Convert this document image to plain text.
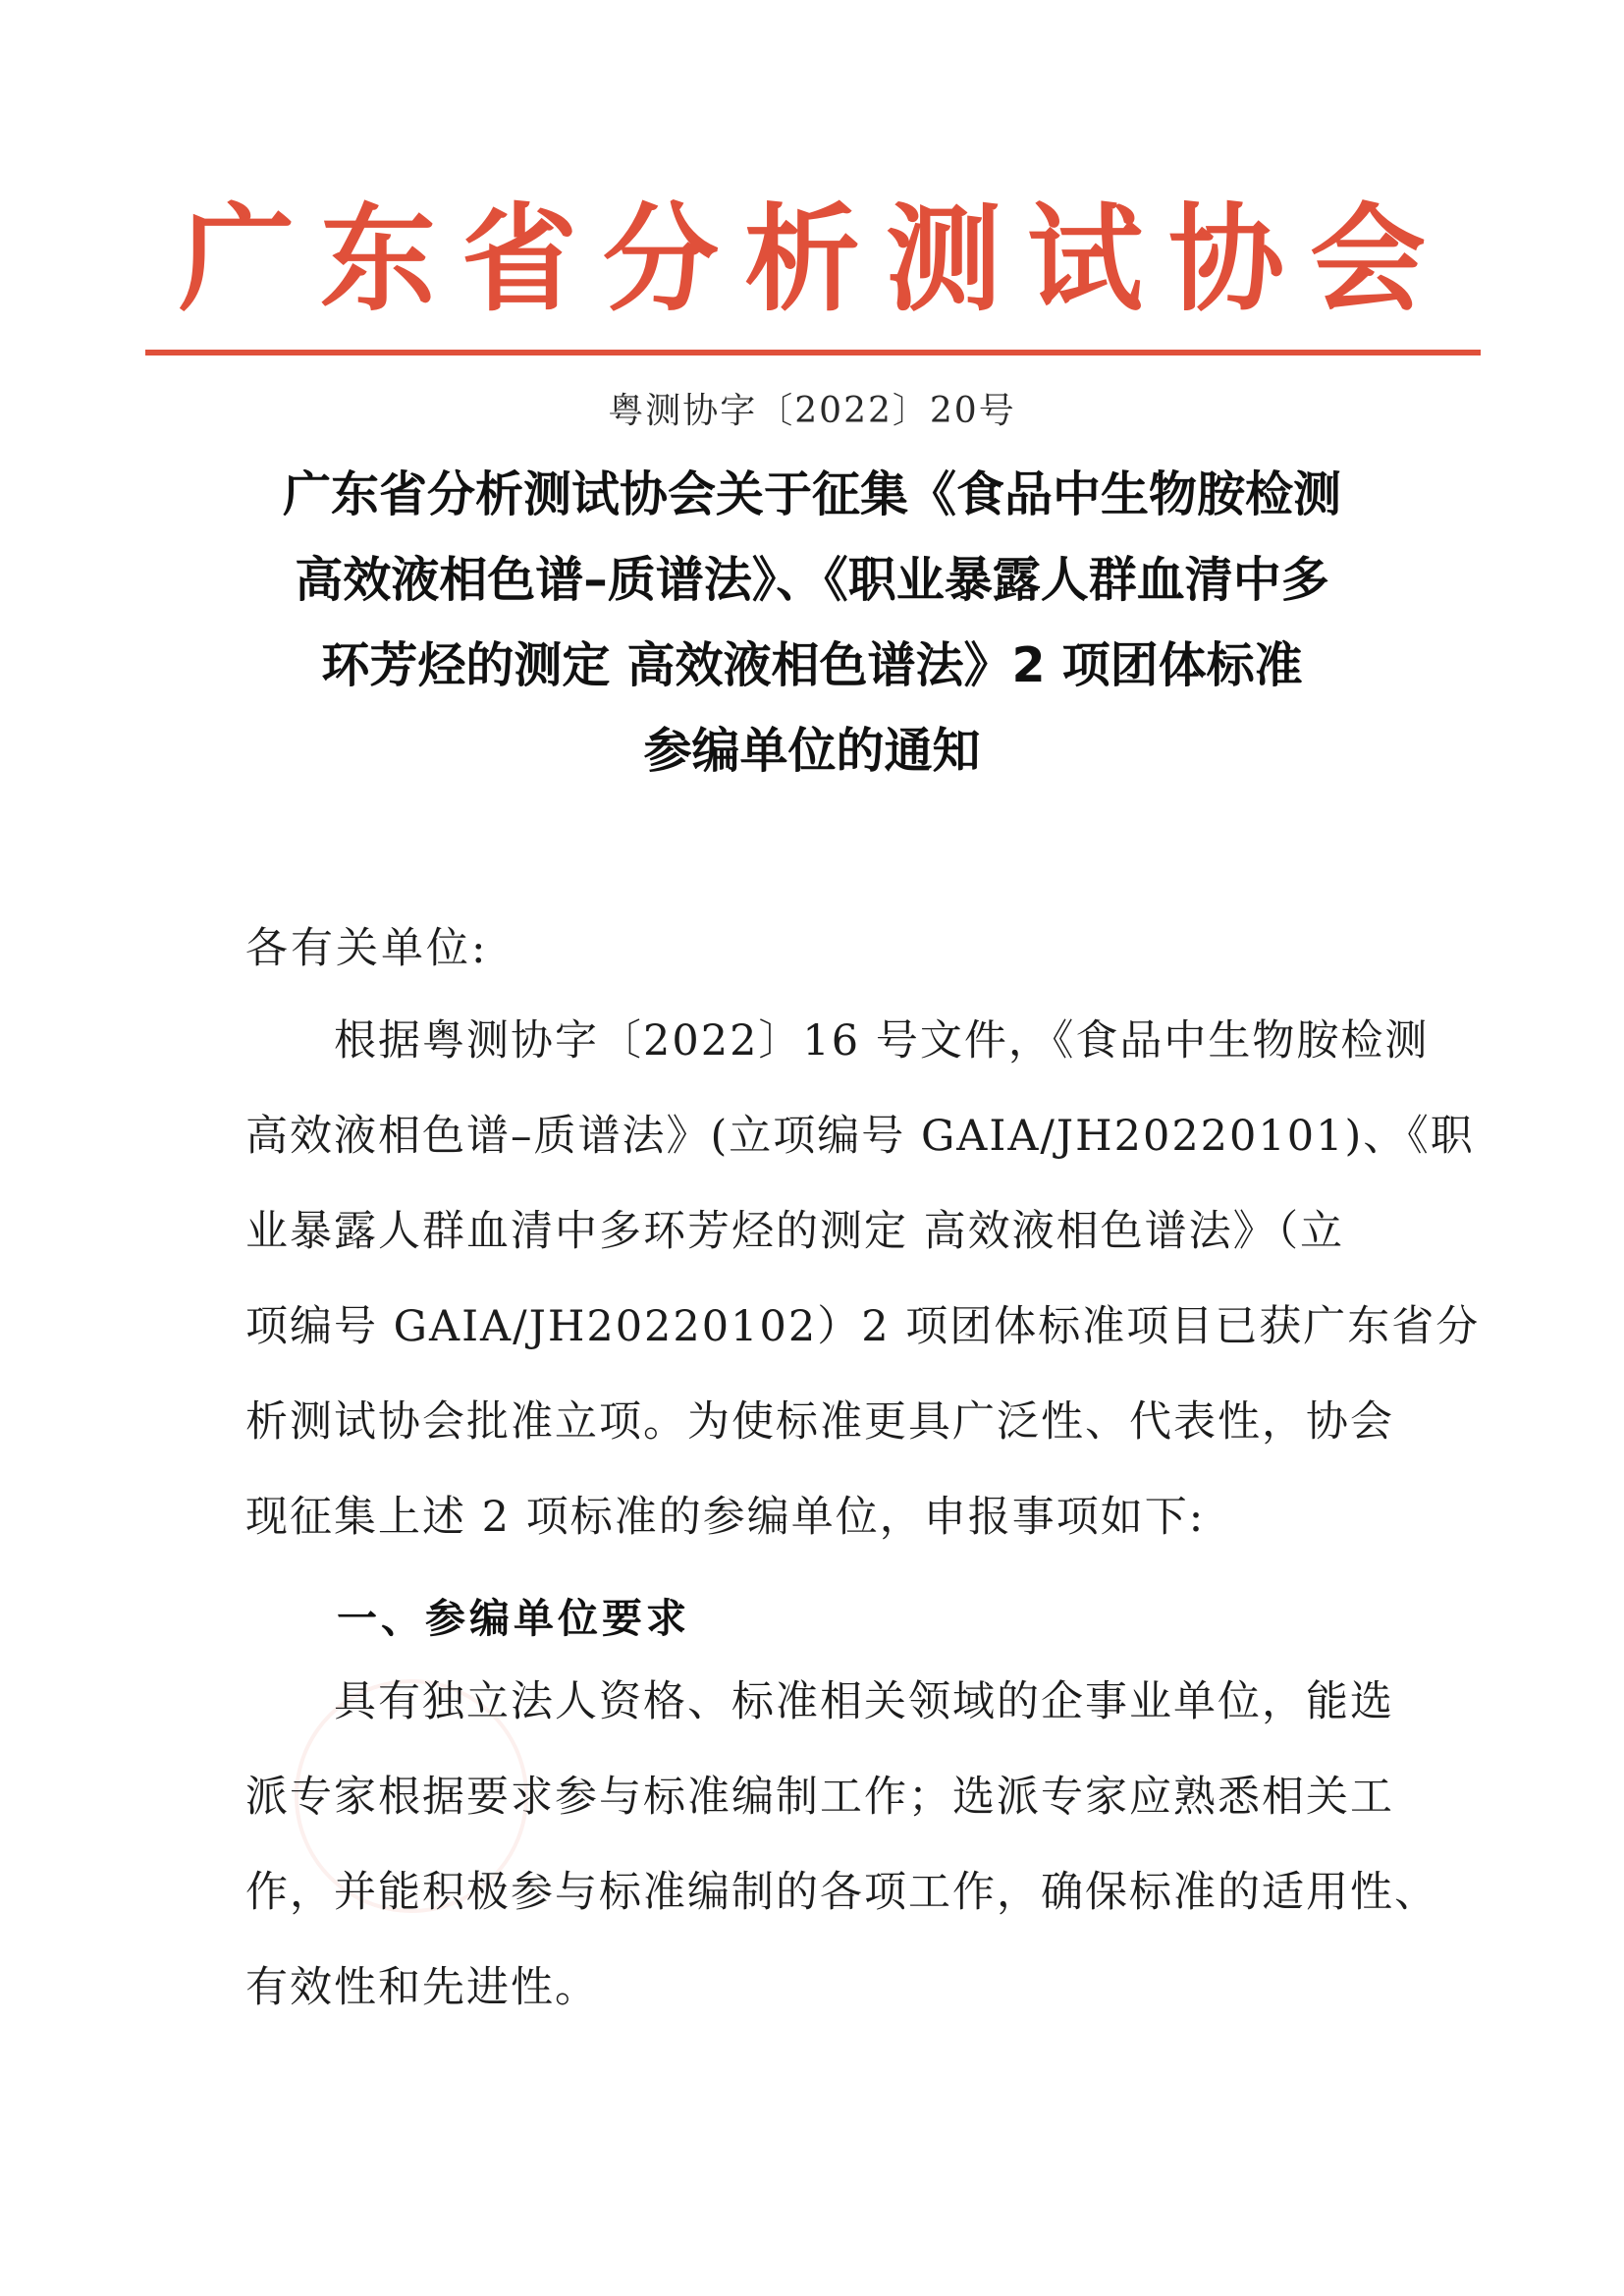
广东省分析测试协会
粤测协字〔2022〕20号
广东省分析测试协会关于征集《食品中生物胺检测
高效液相色谱–质谱法》、《职业暴露人群血清中多
环芳烃的测定 高效液相色谱法》2 项团体标准
参编单位的通知
各有关单位:
根据粤测协字〔2022〕16 号文件，《食品中生物胺检测
高效液相色谱–质谱法》(立项编号 GAIA/JH20220101)、《职
业暴露人群血清中多环芳烃的测定 高效液相色谱法》（立
项编号 GAIA/JH20220102）2 项团体标准项目已获广东省分
析测试协会批准立项。为使标准更具广泛性、代表性，协会
现征集上述 2 项标准的参编单位，申报事项如下:
一、参编单位要求
具有独立法人资格、标准相关领域的企事业单位，能选
派专家根据要求参与标准编制工作；选派专家应熟悉相关工
作，并能积极参与标准编制的各项工作，确保标准的适用性、
有效性和先进性。
